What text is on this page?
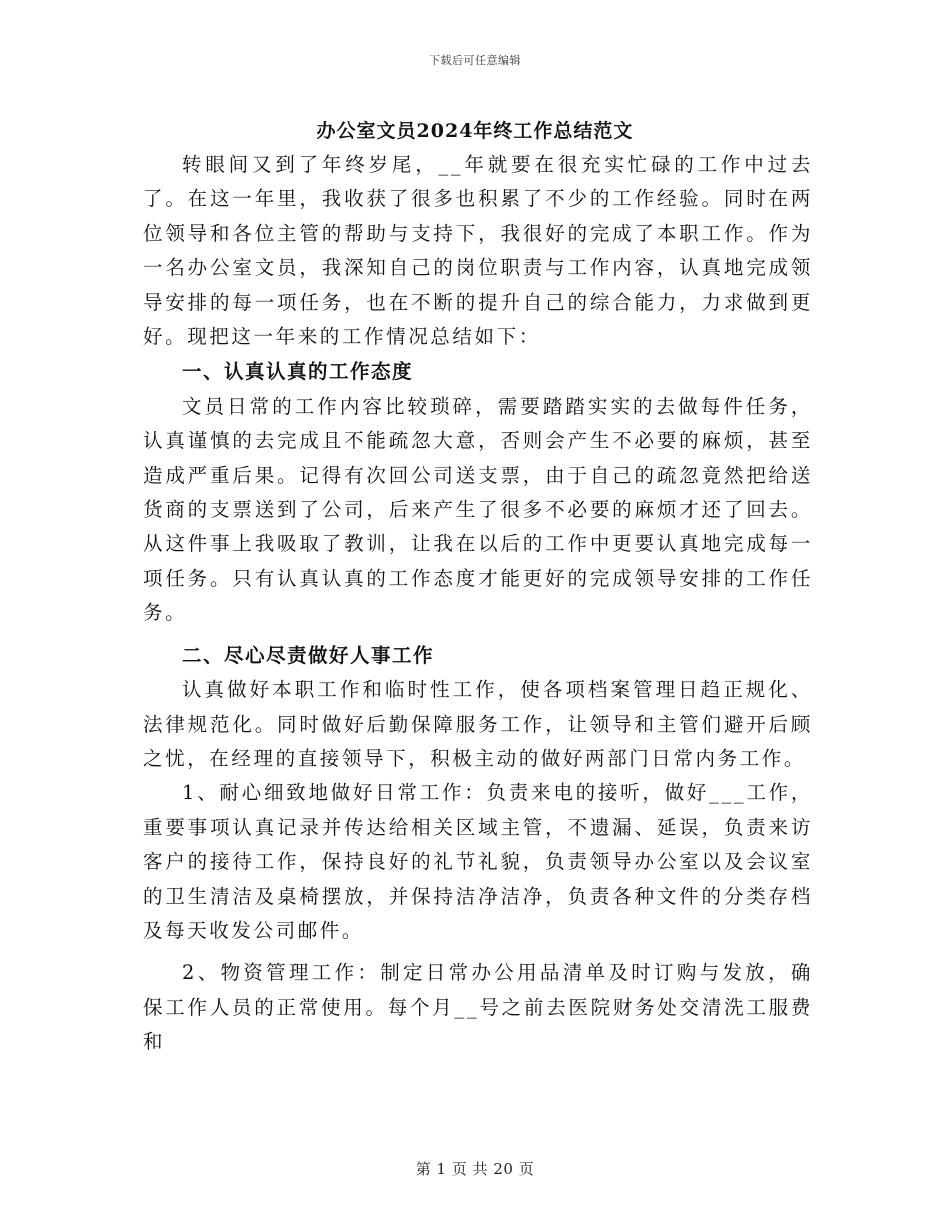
下载后可任意编辑
办公室文员2024年终工作总结范文

转眼间又到了年终岁尾，__年就要在很充实忙碌的工作中过去了。在这一年里，我收获了很多也积累了不少的工作经验。同时在两位领导和各位主管的帮助与支持下，我很好的完成了本职工作。作为一名办公室文员，我深知自己的岗位职责与工作内容，认真地完成领导安排的每一项任务，也在不断的提升自己的综合能力，力求做到更好。现把这一年来的工作情况总结如下：

一、认真认真的工作态度

文员日常的工作内容比较琐碎，需要踏踏实实的去做每件任务，认真谨慎的去完成且不能疏忽大意，否则会产生不必要的麻烦，甚至造成严重后果。记得有次回公司送支票，由于自己的疏忽竟然把给送货商的支票送到了公司，后来产生了很多不必要的麻烦才还了回去。从这件事上我吸取了教训，让我在以后的工作中更要认真地完成每一项任务。只有认真认真的工作态度才能更好的完成领导安排的工作任务。

二、尽心尽责做好人事工作

认真做好本职工作和临时性工作，使各项档案管理日趋正规化、法律规范化。同时做好后勤保障服务工作，让领导和主管们避开后顾之忧，在经理的直接领导下，积极主动的做好两部门日常内务工作。

1、耐心细致地做好日常工作：负责来电的接听，做好___工作，重要事项认真记录并传达给相关区域主管，不遗漏、延误，负责来访客户的接待工作，保持良好的礼节礼貌，负责领导办公室以及会议室的卫生清洁及桌椅摆放，并保持洁净洁净，负责各种文件的分类存档及每天收发公司邮件。

2、物资管理工作：制定日常办公用品清单及时订购与发放，确保工作人员的正常使用。每个月__号之前去医院财务处交清洗工服费和

第 1 页 共 20 页
